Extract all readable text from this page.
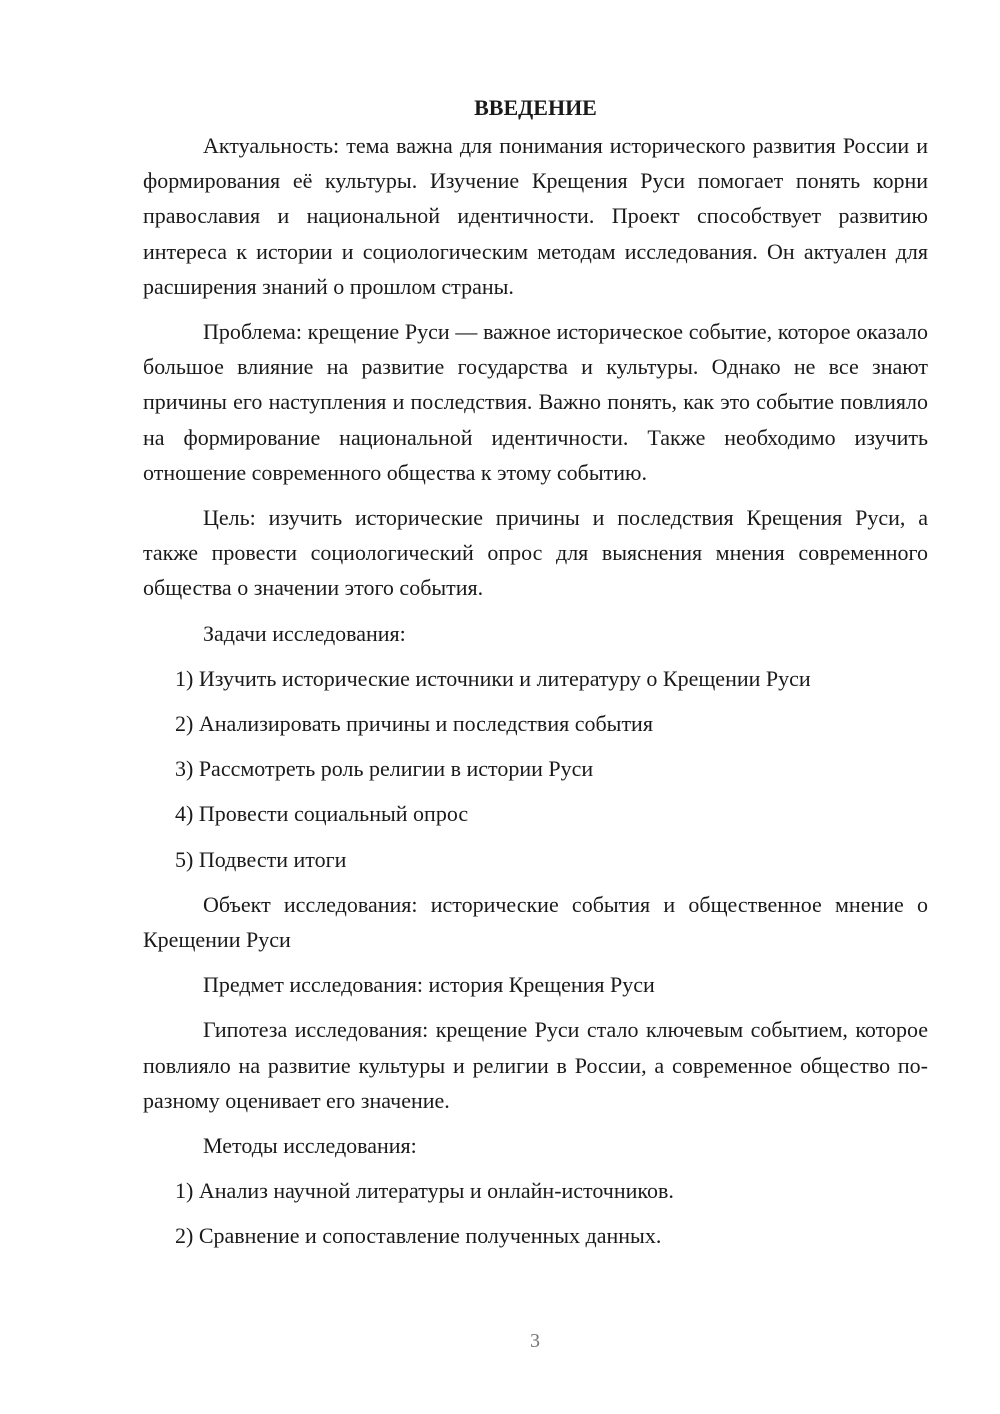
ВВЕДЕНИЕ

Актуальность: тема важна для понимания исторического развития России и формирования её культуры. Изучение Крещения Руси помогает понять корни православия и национальной идентичности. Проект способствует развитию интереса к истории и социологическим методам исследования. Он актуален для расширения знаний о прошлом страны.

Проблема: крещение Руси — важное историческое событие, которое оказало большое влияние на развитие государства и культуры. Однако не все знают причины его наступления и последствия. Важно понять, как это событие повлияло на формирование национальной идентичности. Также необходимо изучить отношение современного общества к этому событию.

Цель: изучить исторические причины и последствия Крещения Руси, а также провести социологический опрос для выяснения мнения современного общества о значении этого события.

Задачи исследования:

1) Изучить исторические источники и литературу о Крещении Руси

2) Анализировать причины и последствия события

3) Рассмотреть роль религии в истории Руси

4) Провести социальный опрос

5) Подвести итоги

Объект исследования: исторические события и общественное мнение о Крещении Руси

Предмет исследования: история Крещения Руси

Гипотеза исследования: крещение Руси стало ключевым событием, которое повлияло на развитие культуры и религии в России, а современное общество по-разному оценивает его значение.

Методы исследования:

1) Анализ научной литературы и онлайн-источников.

2) Сравнение и сопоставление полученных данных.

3
